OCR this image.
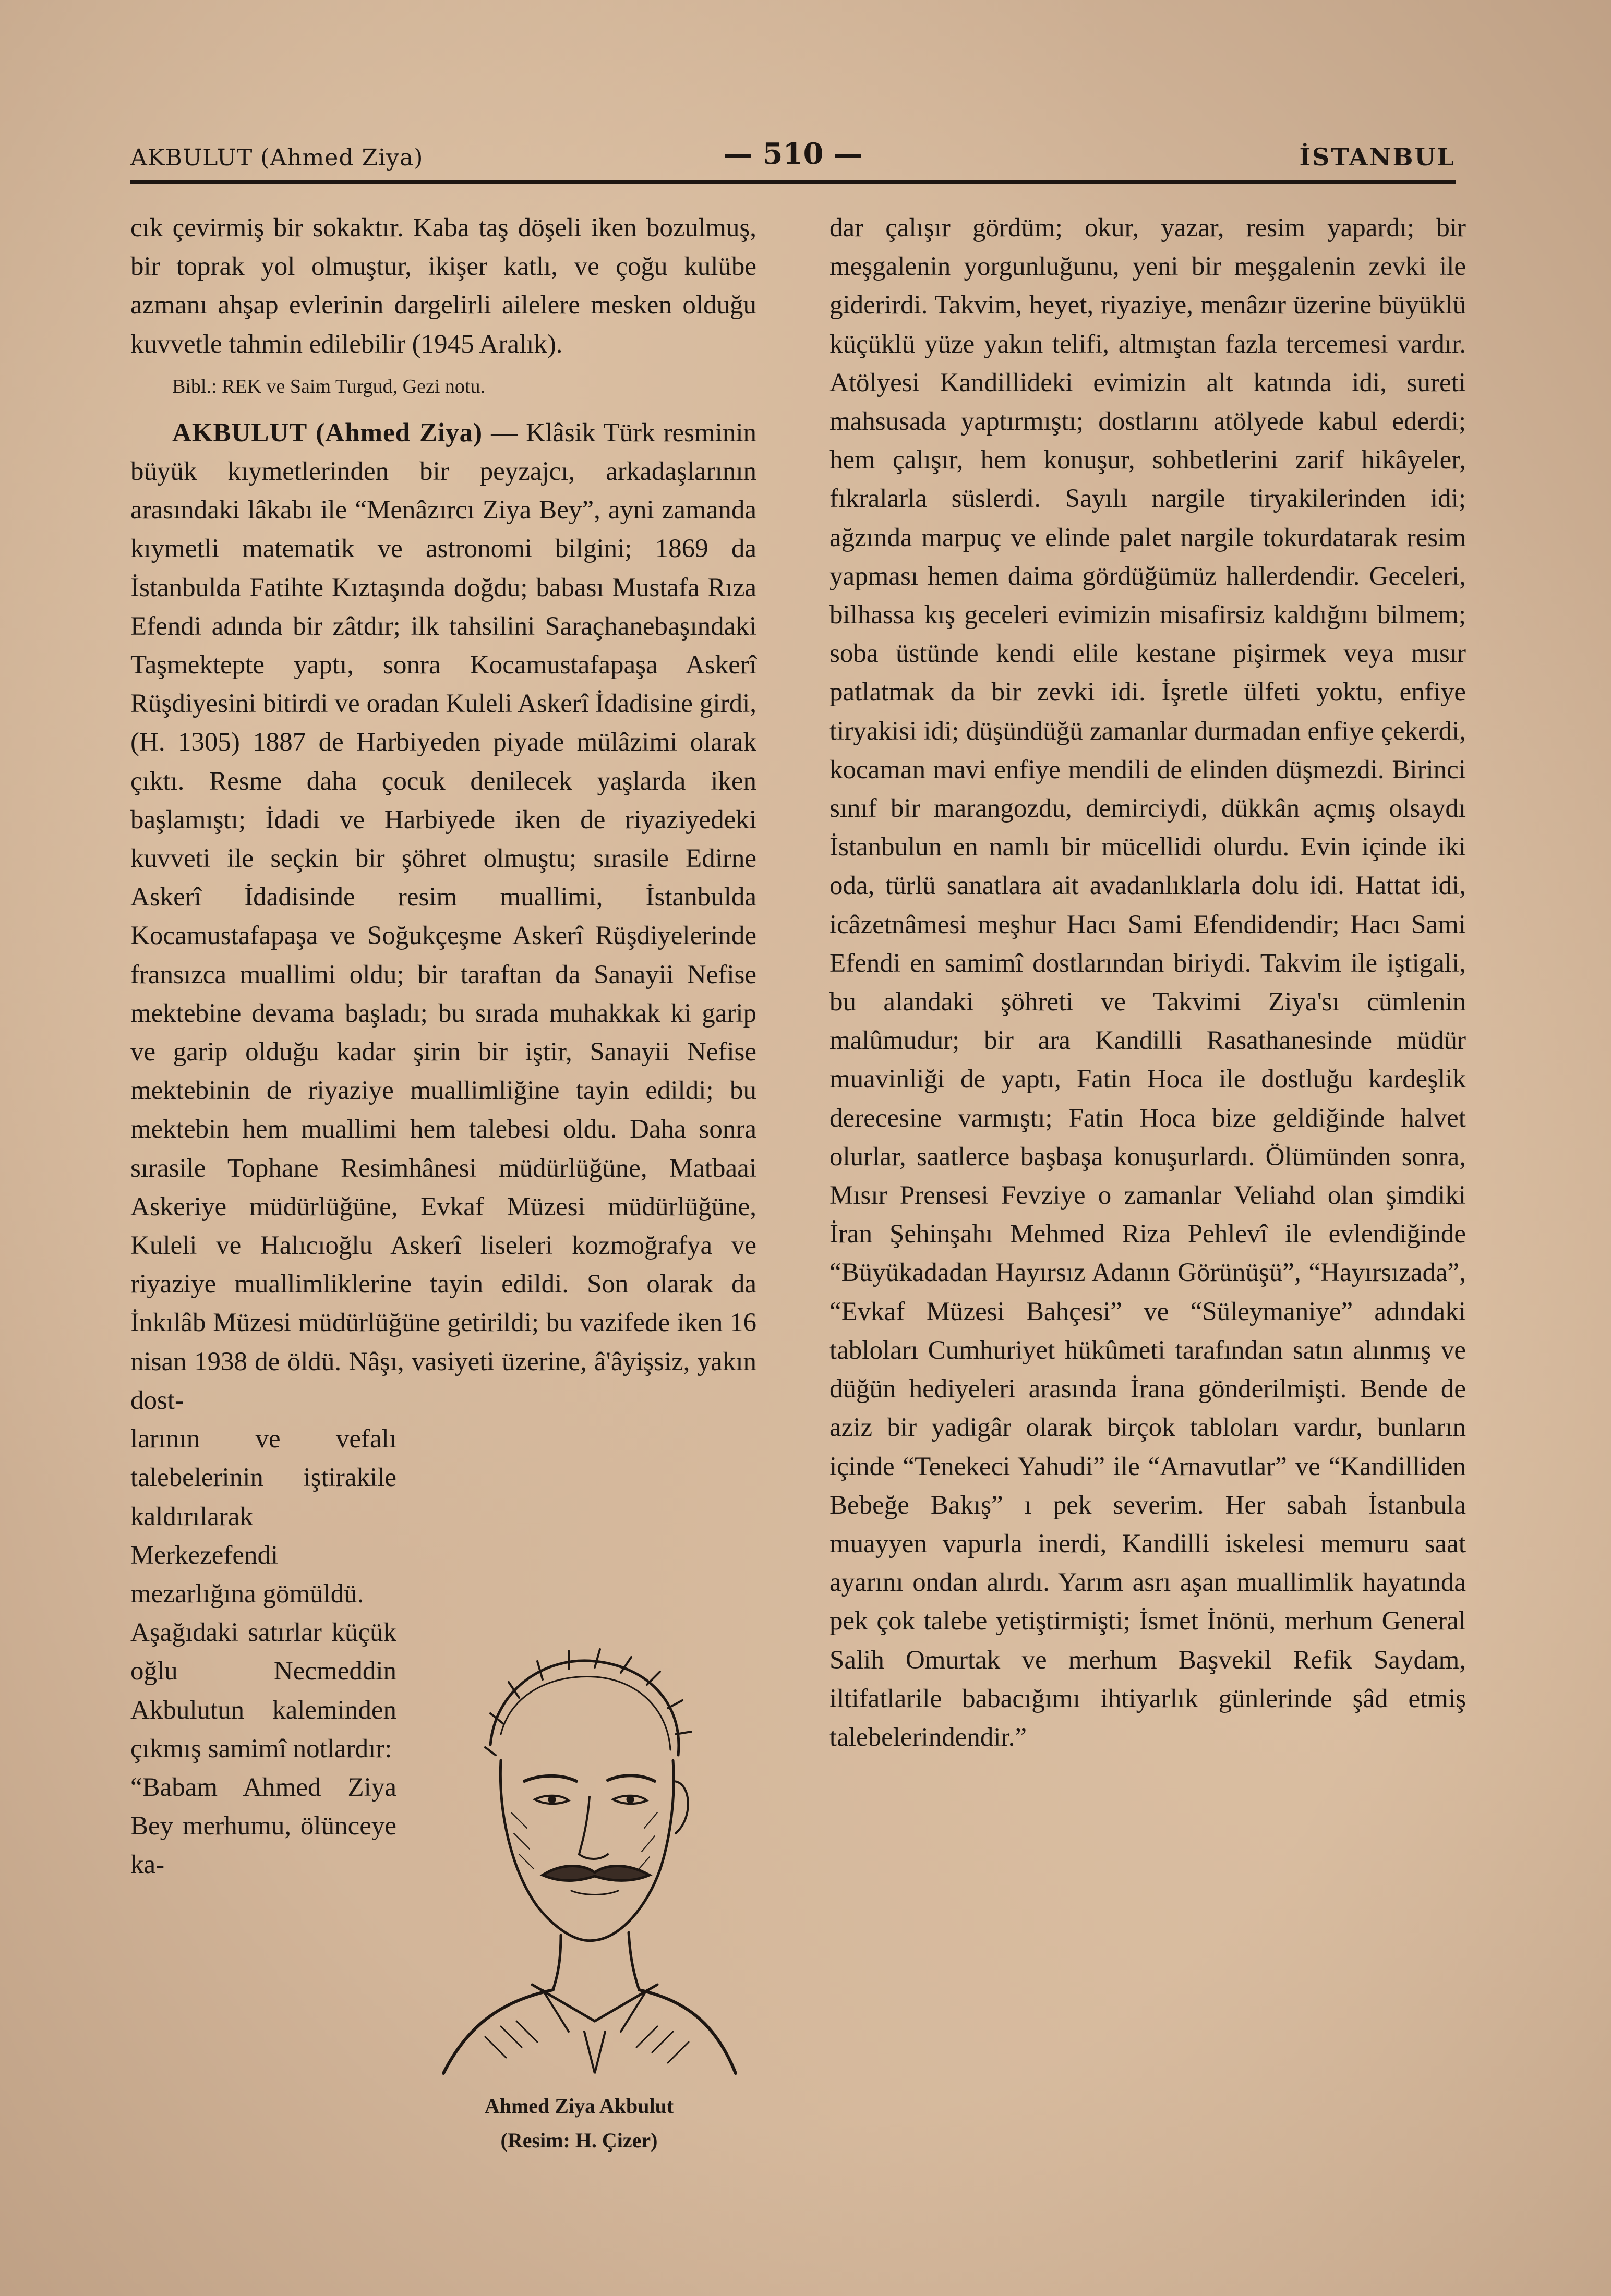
AKBULUT (Ahmed Ziya)	— 510 —	İSTANBUL

cık çevirmiş bir sokaktır. Kaba taş döşeli iken bozulmuş, bir toprak yol olmuştur, ikişer katlı, ve çoğu kulübe azmanı ahşap evlerinin dargelirli ailelere mesken olduğu kuvvetle tahmin edilebilir (1945 Aralık).

Bibl.: REK ve Saim Turgud, Gezi notu.

AKBULUT (Ahmed Ziya) — Klâsik Türk resminin büyük kıymetlerinden bir peyzajcı, arkadaşlarının arasındaki lâkabı ile “Menâzırcı Ziya Bey”, ayni zamanda kıymetli matematik ve astronomi bilgini; 1869 da İstanbulda Fatihte Kıztaşında doğdu; babası Mustafa Rıza Efendi adında bir zâtdır; ilk tahsilini Saraçhanebaşındaki Taşmektepte yaptı, sonra Kocamustafapaşa Askerî Rüşdiyesini bitirdi ve oradan Kuleli Askerî İdadisine girdi, (H. 1305) 1887 de Harbiyeden piyade mülâzimi olarak çıktı. Resme daha çocuk denilecek yaşlarda iken başlamıştı; İdadi ve Harbiyede iken de riyaziyedeki kuvveti ile seçkin bir şöhret olmuştu; sırasile Edirne Askerî İdadisinde resim muallimi, İstanbulda Kocamustafapaşa ve Soğukçeşme Askerî Rüşdiyelerinde fransızca muallimi oldu; bir taraftan da Sanayii Nefise mektebine devama başladı; bu sırada muhakkak ki garip ve garip olduğu kadar şirin bir iştir, Sanayii Nefise mektebinin de riyaziye muallimliğine tayin edildi; bu mektebin hem muallimi hem talebesi oldu. Daha sonra sırasile Tophane Resimhânesi müdürlüğüne, Matbaai Askeriye müdürlüğüne, Evkaf Müzesi müdürlüğüne, Kuleli ve Halıcıoğlu Askerî liseleri kozmoğrafya ve riyaziye muallimliklerine tayin edildi. Son olarak da İnkılâb Müzesi müdürlüğüne getirildi; bu vazifede iken 16 nisan 1938 de öldü. Nâşı, vasiyeti üzerine, â'âyişsiz, yakın dost-

larının ve vefalı talebelerinin iştirakile kaldırılarak Merkezefendi mezarlığına gömüldü.

Aşağıdaki satırlar küçük oğlu Necmeddin Akbulutun kaleminden çıkmış samimî notlardır:

“Babam Ahmed Ziya Bey merhumu, ölünceye ka-

Ahmed Ziya Akbulut
(Resim: H. Çizer)

dar çalışır gördüm; okur, yazar, resim yapardı; bir meşgalenin yorgunluğunu, yeni bir meşgalenin zevki ile giderirdi. Takvim, heyet, riyaziye, menâzır üzerine büyüklü küçüklü yüze yakın telifi, altmıştan fazla tercemesi vardır. Atölyesi Kandillideki evimizin alt katında idi, sureti mahsusada yaptırmıştı; dostlarını atölyede kabul ederdi; hem çalışır, hem konuşur, sohbetlerini zarif hikâyeler, fıkralarla süslerdi. Sayılı nargile tiryakilerinden idi; ağzında marpuç ve elinde palet nargile tokurdatarak resim yapması hemen daima gördüğümüz hallerdendir. Geceleri, bilhassa kış geceleri evimizin misafirsiz kaldığını bilmem; soba üstünde kendi elile kestane pişirmek veya mısır patlatmak da bir zevki idi. İşretle ülfeti yoktu, enfiye tiryakisi idi; düşündüğü zamanlar durmadan enfiye çekerdi, kocaman mavi enfiye mendili de elinden düşmezdi. Birinci sınıf bir marangozdu, demirciydi, dükkân açmış olsaydı İstanbulun en namlı bir mücellidi olurdu. Evin içinde iki oda, türlü sanatlara ait avadanlıklarla dolu idi. Hattat idi, icâzetnâmesi meşhur Hacı Sami Efendidendir; Hacı Sami Efendi en samimî dostlarından biriydi. Takvim ile iştigali, bu alandaki şöhreti ve Takvimi Ziya'sı cümlenin malûmudur; bir ara Kandilli Rasathanesinde müdür muavinliği de yaptı, Fatin Hoca ile dostluğu kardeşlik derecesine varmıştı; Fatin Hoca bize geldiğinde halvet olurlar, saatlerce başbaşa konuşurlardı. Ölümünden sonra, Mısır Prensesi Fevziye o zamanlar Veliahd olan şimdiki İran Şehinşahı Mehmed Riza Pehlevî ile evlendiğinde “Büyükadadan Hayırsız Adanın Görünüşü”, “Hayırsızada”, “Evkaf Müzesi Bahçesi” ve “Süleymaniye” adındaki tabloları Cumhuriyet hükûmeti tarafından satın alınmış ve düğün hediyeleri arasında İrana gönderilmişti. Bende de aziz bir yadigâr olarak birçok tabloları vardır, bunların içinde “Tenekeci Yahudi” ile “Arnavutlar” ve “Kandilliden Bebeğe Bakış” ı pek severim. Her sabah İstanbula muayyen vapurla inerdi, Kandilli iskelesi memuru saat ayarını ondan alırdı. Yarım asrı aşan muallimlik hayatında pek çok talebe yetiştirmişti; İsmet İnönü, merhum General Salih Omurtak ve merhum Başvekil Refik Saydam, iltifatlarile babacığımı ihtiyarlık günlerinde şâd etmiş talebelerindendir.”
